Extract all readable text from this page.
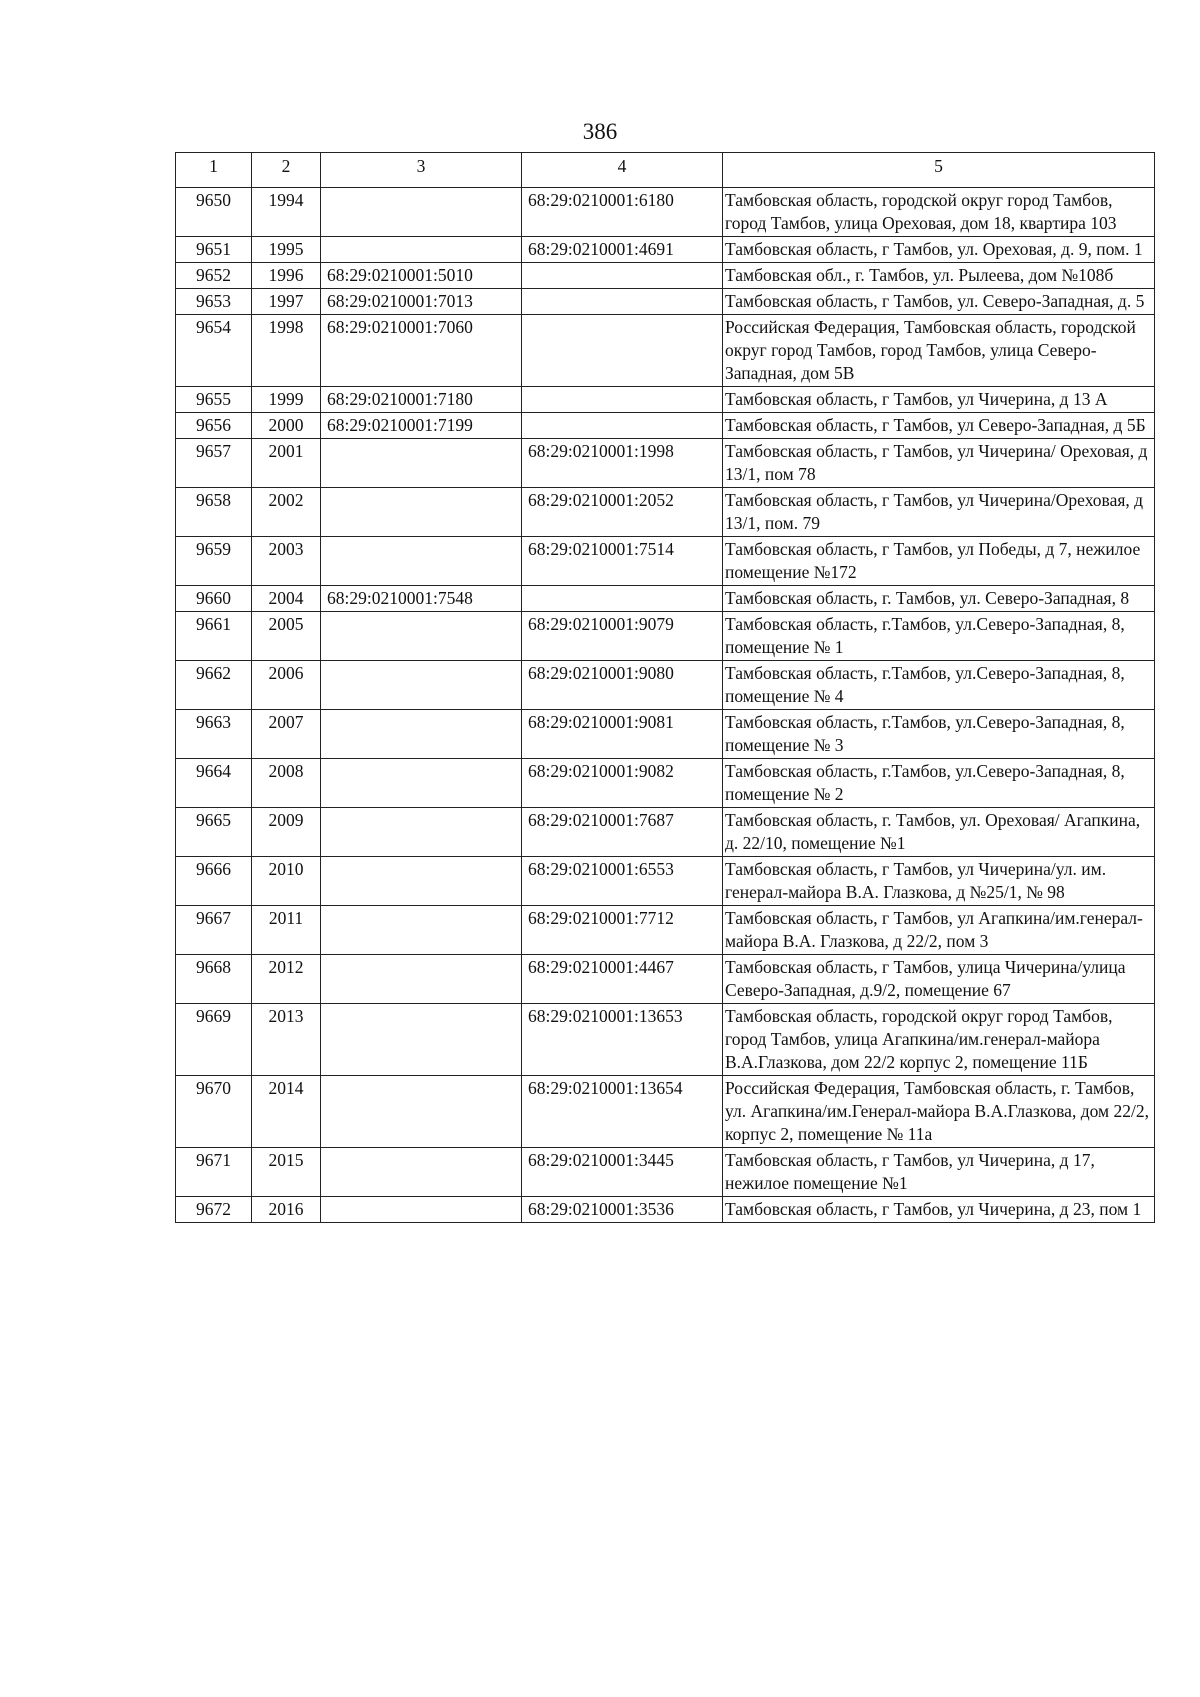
386
1	2	3	4	5
9650	1994		68:29:0210001:6180	Тамбовская область, городской округ город Тамбов, город Тамбов, улица Ореховая, дом 18, квартира 103
9651	1995		68:29:0210001:4691	Тамбовская область, г Тамбов, ул. Ореховая, д. 9, пом. 1
9652	1996	68:29:0210001:5010		Тамбовская обл., г. Тамбов, ул. Рылеева, дом №108б
9653	1997	68:29:0210001:7013		Тамбовская область, г Тамбов, ул. Северо-Западная, д. 5
9654	1998	68:29:0210001:7060		Российская Федерация, Тамбовская область, городской округ город Тамбов, город Тамбов, улица Северо-Западная, дом 5В
9655	1999	68:29:0210001:7180		Тамбовская область, г Тамбов, ул Чичерина, д 13 А
9656	2000	68:29:0210001:7199		Тамбовская область, г Тамбов, ул Северо-Западная, д 5Б
9657	2001		68:29:0210001:1998	Тамбовская область, г Тамбов, ул Чичерина/ Ореховая, д 13/1, пом 78
9658	2002		68:29:0210001:2052	Тамбовская область, г Тамбов, ул Чичерина/Ореховая, д 13/1, пом. 79
9659	2003		68:29:0210001:7514	Тамбовская область, г Тамбов, ул Победы, д 7, нежилое помещение №172
9660	2004	68:29:0210001:7548		Тамбовская область, г. Тамбов, ул. Северо-Западная, 8
9661	2005		68:29:0210001:9079	Тамбовская область, г.Тамбов, ул.Северо-Западная, 8, помещение № 1
9662	2006		68:29:0210001:9080	Тамбовская область, г.Тамбов, ул.Северо-Западная, 8, помещение № 4
9663	2007		68:29:0210001:9081	Тамбовская область, г.Тамбов, ул.Северо-Западная, 8, помещение № 3
9664	2008		68:29:0210001:9082	Тамбовская область, г.Тамбов, ул.Северо-Западная, 8, помещение № 2
9665	2009		68:29:0210001:7687	Тамбовская область, г. Тамбов, ул. Ореховая/ Агапкина, д. 22/10, помещение №1
9666	2010		68:29:0210001:6553	Тамбовская область, г Тамбов, ул Чичерина/ул. им. генерал-майора В.А. Глазкова, д №25/1, № 98
9667	2011		68:29:0210001:7712	Тамбовская область, г Тамбов, ул Агапкина/им.генерал-майора В.А. Глазкова, д 22/2, пом 3
9668	2012		68:29:0210001:4467	Тамбовская область, г Тамбов, улица Чичерина/улица Северо-Западная, д.9/2, помещение 67
9669	2013		68:29:0210001:13653	Тамбовская область, городской округ город Тамбов, город Тамбов, улица Агапкина/им.генерал-майора В.А.Глазкова, дом 22/2 корпус 2, помещение 11Б
9670	2014		68:29:0210001:13654	Российская Федерация, Тамбовская область, г. Тамбов, ул. Агапкина/им.Генерал-майора В.А.Глазкова, дом 22/2, корпус 2, помещение № 11а
9671	2015		68:29:0210001:3445	Тамбовская область, г Тамбов, ул Чичерина, д 17, нежилое помещение №1
9672	2016		68:29:0210001:3536	Тамбовская область, г Тамбов, ул Чичерина, д 23, пом 1
